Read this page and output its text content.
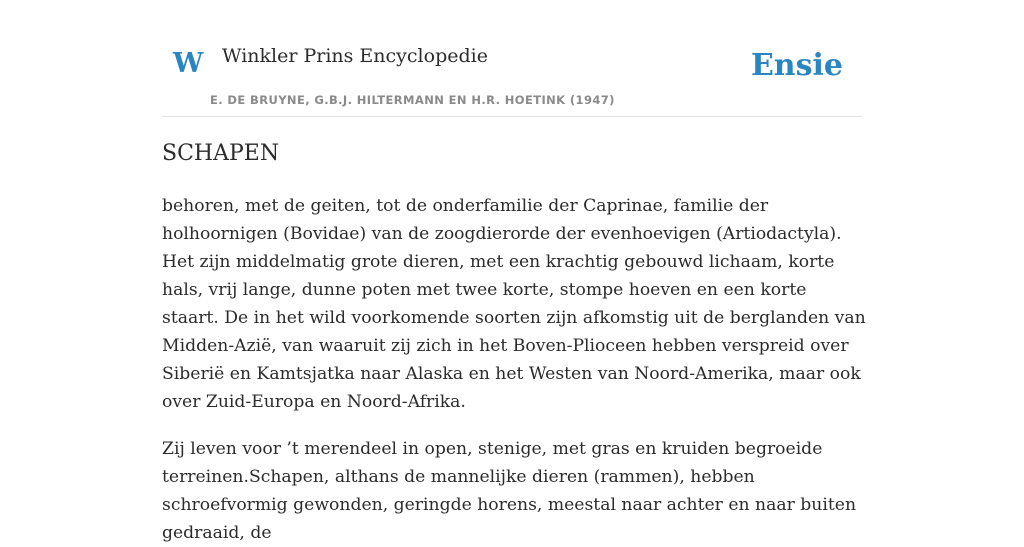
W Winkler Prins Encyclopedie
E. DE BRUYNE, G.B.J. HILTERMANN EN H.R. HOETINK (1947)
Ensie
SCHAPEN

behoren, met de geiten, tot de onderfamilie der Caprinae, familie der holhoornigen (Bovidae) van de zoogdierorde der evenhoevigen (Artiodactyla). Het zijn middelmatig grote dieren, met een krachtig gebouwd lichaam, korte hals, vrij lange, dunne poten met twee korte, stompe hoeven en een korte staart. De in het wild voorkomende soorten zijn afkomstig uit de berglanden van Midden-Azië, van waaruit zij zich in het Boven-Plioceen hebben verspreid over Siberië en Kamtsjatka naar Alaska en het Westen van Noord-Amerika, maar ook over Zuid-Europa en Noord-Afrika.

Zij leven voor ’t merendeel in open, stenige, met gras en kruiden begroeide terreinen.Schapen, althans de mannelijke dieren (rammen), hebben schroefvormig gewonden, geringde horens, meestal naar achter en naar buiten gedraaid, de
